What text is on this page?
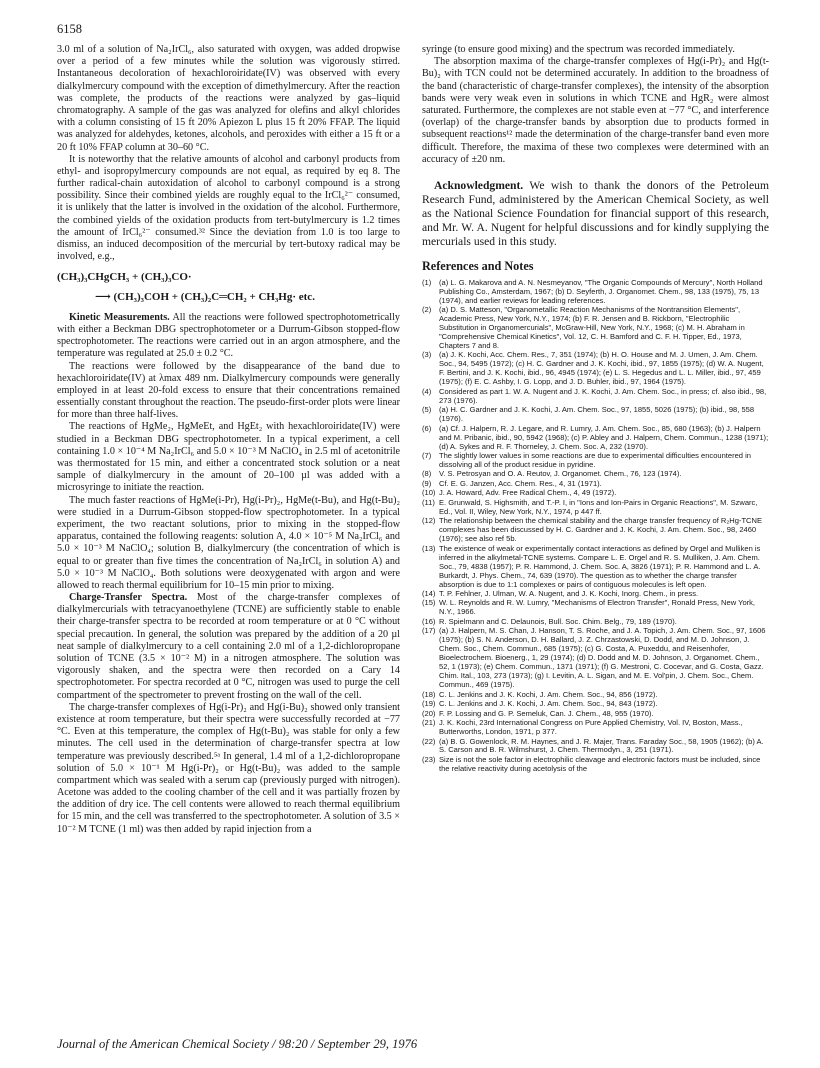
6158

3.0 ml of a solution of Na₂IrCl₆, also saturated with oxygen, was added dropwise over a period of a few minutes while the solution was vigorously stirred. Instantaneous decoloration of hexachloroiridate(IV) was observed with every dialkylmercury compound with the exception of dimethylmercury. After the reaction was complete, the products of the reactions were analyzed by gas–liquid chromatography. A sample of the gas was analyzed for olefins and alkyl chlorides with a column consisting of 15 ft 20% Apiezon L plus 15 ft 20% FFAP. The liquid was analyzed for aldehydes, ketones, alcohols, and peroxides with either a 15 ft or a 20 ft 10% FFAP column at 30–60 °C.

It is noteworthy that the relative amounts of alcohol and carbonyl products from ethyl- and isopropylmercury compounds are not equal, as required by eq 8. The further radical-chain autoxidation of alcohol to carbonyl compound is a strong possibility. Since their combined yields are roughly equal to the IrCl₆²⁻ consumed, it is unlikely that the latter is involved in the oxidation of the alcohol. Furthermore, the combined yields of the oxidation products from tert-butylmercury is 1.2 times the amount of IrCl₆²⁻ consumed.³² Since the deviation from 1.0 is too large to dismiss, an induced decomposition of the mercurial by tert-butoxy radical may be involved, e.g.,

(CH₃)₃CHgCH₃ + (CH₃)₃CO·
⟶ (CH₃)₃COH + (CH₃)₂C═CH₂ + CH₃Hg· etc.

Kinetic Measurements. All the reactions were followed spectrophotometrically with either a Beckman DBG spectrophotometer or a Durrum-Gibson stopped-flow spectrophotometer. The reactions were carried out in an argon atmosphere, and the temperature was regulated at 25.0 ± 0.2 °C.

The reactions were followed by the disappearance of the band due to hexachloroiridate(IV) at λmax 489 nm. Dialkylmercury compounds were generally employed in at least 20-fold excess to ensure that their concentrations remained essentially constant throughout the reaction. The pseudo-first-order plots were linear for more than three half-lives.

The reactions of HgMe₂, HgMeEt, and HgEt₂ with hexachloroiridate(IV) were studied in a Beckman DBG spectrophotometer. In a typical experiment, a cell containing 1.0 × 10⁻⁴ M Na₂IrCl₆ and 5.0 × 10⁻³ M NaClO₄ in 2.5 ml of acetonitrile was thermostated for 15 min, and either a concentrated stock solution or a neat sample of dialkylmercury in the amount of 20–100 µl was added with a microsyringe to initiate the reaction.

The much faster reactions of HgMe(i-Pr), Hg(i-Pr)₂, HgMe(t-Bu), and Hg(t-Bu)₂ were studied in a Durrum-Gibson stopped-flow spectrophotometer. In a typical experiment, the two reactant solutions, prior to mixing in the stopped-flow apparatus, contained the following reagents: solution A, 4.0 × 10⁻⁵ M Na₂IrCl₆ and 5.0 × 10⁻³ M NaClO₄; solution B, dialkylmercury (the concentration of which is equal to or greater than five times the concentration of Na₂IrCl₆ in solution A) and 5.0 × 10⁻³ M NaClO₄. Both solutions were deoxygenated with argon and were allowed to reach thermal equilibrium for 10–15 min prior to mixing.

Charge-Transfer Spectra. Most of the charge-transfer complexes of dialkylmercurials with tetracyanoethylene (TCNE) are sufficiently stable to enable their charge-transfer spectra to be recorded at room temperature or at 0 °C without special precaution. In general, the solution was prepared by the addition of a 20 µl neat sample of dialkylmercury to a cell containing 2.0 ml of a 1,2-dichloropropane solution of TCNE (3.5 × 10⁻² M) in a nitrogen atmosphere. The solution was vigorously shaken, and the spectra were then recorded on a Cary 14 spectrophotometer. For spectra recorded at 0 °C, nitrogen was used to purge the cell compartment of the spectrometer to prevent frosting on the wall of the cell.

The charge-transfer complexes of Hg(i-Pr)₂ and Hg(i-Bu)₂ showed only transient existence at room temperature, but their spectra were successfully recorded at −77 °C. Even at this temperature, the complex of Hg(t-Bu)₂ was stable for only a few minutes. The cell used in the determination of charge-transfer spectra at low temperature was previously described.⁵ᵃ In general, 1.4 ml of a 1,2-dichloropropane solution of 5.0 × 10⁻¹ M Hg(i-Pr)₂ or Hg(t-Bu)₂ was added to the sample compartment which was sealed with a serum cap (previously purged with nitrogen). Acetone was added to the cooling chamber of the cell and it was partially frozen by the addition of dry ice. The cell contents were allowed to reach thermal equilibrium for 15 min, and the cell was transferred to the spectrophotometer. A solution of 3.5 × 10⁻² M TCNE (1 ml) was then added by rapid injection from a

syringe (to ensure good mixing) and the spectrum was recorded immediately.

The absorption maxima of the charge-transfer complexes of Hg(i-Pr)₂ and Hg(t-Bu)₂ with TCN could not be determined accurately. In addition to the broadness of the band (characteristic of charge-transfer complexes), the intensity of the absorption bands were very weak even in solutions in which TCNE and HgR₂ were almost saturated. Furthermore, the complexes are not stable even at −77 °C, and interference (overlap) of the charge-transfer bands by absorption due to products formed in subsequent reactions¹² made the determination of the charge-transfer band even more difficult. Therefore, the maxima of these two complexes were determined with an accuracy of ±20 nm.

Acknowledgment. We wish to thank the donors of the Petroleum Research Fund, administered by the American Chemical Society, as well as the National Science Foundation for financial support of this research, and Mr. W. A. Nugent for helpful discussions and for kindly supplying the mercurials used in this study.

References and Notes
(1)	(a) L. G. Makarova and A. N. Nesmeyanov, "The Organic Compounds of Mercury", North Holland Publishing Co., Amsterdam, 1967; (b) D. Seyferth, J. Organomet. Chem., 98, 133 (1975), 75, 13 (1974), and earlier reviews for leading references.
(2)	(a) D. S. Matteson, "Organometallic Reaction Mechanisms of the Nontransition Elements", Academic Press, New York, N.Y., 1974; (b) F. R. Jensen and B. Rickborn, "Electrophilic Substitution in Organomercurials", McGraw-Hill, New York, N.Y., 1968; (c) M. H. Abraham in "Comprehensive Chemical Kinetics", Vol. 12, C. H. Bamford and C. F. H. Tipper, Ed., 1973, Chapters 7 and 8.
(3)	(a) J. K. Kochi, Acc. Chem. Res., 7, 351 (1974); (b) H. O. House and M. J. Umen, J. Am. Chem. Soc., 94, 5495 (1972); (c) H. C. Gardner and J. K. Kochi, ibid., 97, 1855 (1975); (d) W. A. Nugent, F. Bertini, and J. K. Kochi, ibid., 96, 4945 (1974); (e) L. S. Hegedus and L. L. Miller, ibid., 97, 459 (1975); (f) E. C. Ashby, I. G. Lopp, and J. D. Buhler, ibid., 97, 1964 (1975).
(4)	Considered as part 1. W. A. Nugent and J. K. Kochi, J. Am. Chem. Soc., in press; cf. also ibid., 98, 273 (1976).
(5)	(a) H. C. Gardner and J. K. Kochi, J. Am. Chem. Soc., 97, 1855, 5026 (1975); (b) ibid., 98, 558 (1976).
(6)	(a) Cf. J. Halpern, R. J. Legare, and R. Lumry, J. Am. Chem. Soc., 85, 680 (1963); (b) J. Halpern and M. Pribanic, ibid., 90, 5942 (1968); (c) P. Abley and J. Halpern, Chem. Commun., 1238 (1971); (d) A. Sykes and R. F. Thorneley, J. Chem. Soc. A, 232 (1970).
(7)	The slightly lower values in some reactions are due to experimental difficulties encountered in dissolving all of the product residue in pyridine.
(8)	V. S. Petrosyan and O. A. Reutov, J. Organomet. Chem., 76, 123 (1974).
(9)	Cf. E. G. Janzen, Acc. Chem. Res., 4, 31 (1971).
(10) J. A. Howard, Adv. Free Radical Chem., 4, 49 (1972).
(11) E. Grunwald, S. Highsmith, and T.-P. I, in "Ions and Ion-Pairs in Organic Reactions", M. Szwarc, Ed., Vol. II, Wiley, New York, N.Y., 1974, p 447 ff.
(12) The relationship between the chemical stability and the charge transfer frequency of R₂Hg-TCNE complexes has been discussed by H. C. Gardner and J. K. Kochi, J. Am. Chem. Soc., 98, 2460 (1976); see also ref 5b.
(13) The existence of weak or experimentally contact interactions as defined by Orgel and Mulliken is inferred in the alkylmetal-TCNE systems. Compare L. E. Orgel and R. S. Mulliken, J. Am. Chem. Soc., 79, 4838 (1957); P. R. Hammond, J. Chem. Soc. A, 3826 (1971); P. R. Hammond and L. A. Burkardt, J. Phys. Chem., 74, 639 (1970). The question as to whether the charge transfer absorption is due to 1:1 complexes or pairs of contiguous molecules is left open.
(14) T. P. Fehlner, J. Ulman, W. A. Nugent, and J. K. Kochi, Inorg. Chem., in press.
(15) W. L. Reynolds and R. W. Lumry, "Mechanisms of Electron Transfer", Ronald Press, New York, N.Y., 1966.
(16) R. Spielmann and C. Delaunois, Bull. Soc. Chim. Belg., 79, 189 (1970).
(17) (a) J. Halpern, M. S. Chan, J. Hanson, T. S. Roche, and J. A. Topich, J. Am. Chem. Soc., 97, 1606 (1975); (b) S. N. Anderson, D. H. Ballard, J. Z. Chrzastowski, D. Dodd, and M. D. Johnson, J. Chem. Soc., Chem. Commun., 685 (1975); (c) G. Costa, A. Puxeddu, and Reisenhofer, Bioelectrochem. Bioenerg., 1, 29 (1974); (d) D. Dodd and M. D. Johnson, J. Organomet. Chem., 52, 1 (1973); (e) Chem. Commun., 1371 (1971); (f) G. Mestroni, C. Cocevar, and G. Costa, Gazz. Chim. Ital., 103, 273 (1973); (g) I. Levitin, A. L. Sigan, and M. E. Vol'pin, J. Chem. Soc., Chem. Commun., 469 (1975).
(18) C. L. Jenkins and J. K. Kochi, J. Am. Chem. Soc., 94, 856 (1972).
(19) C. L. Jenkins and J. K. Kochi, J. Am. Chem. Soc., 94, 843 (1972).
(20) F. P. Lossing and G. P. Semeluk, Can. J. Chem., 48, 955 (1970).
(21) J. K. Kochi, 23rd International Congress on Pure Applied Chemistry, Vol. IV, Boston, Mass., Butterworths, London, 1971, p 377.
(22) (a) B. G. Gowenlock, R. M. Haynes, and J. R. Majer, Trans. Faraday Soc., 58, 1905 (1962); (b) A. S. Carson and B. R. Wilmshurst, J. Chem. Thermodyn., 3, 251 (1971).
(23) Size is not the sole factor in electrophilic cleavage and electronic factors must be included, since the relative reactivity during acetolysis of the
Journal of the American Chemical Society / 98:20 / September 29, 1976
